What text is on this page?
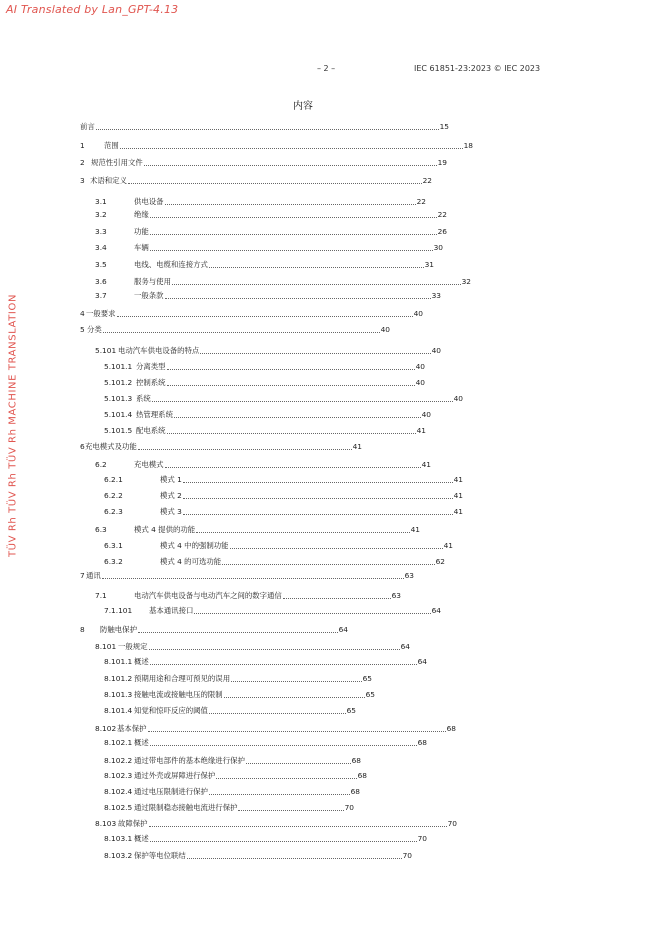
AI Translated by Lan_GPT-4.13
TÜV Rh TÜV Rh TÜV Rh MACHINE TRANSLATION
– 2 –	IEC 61851-23:2023 © IEC 2023
内容
前言	15
1	范围	18
2 规范性引用文件	19
3 术语和定义	22
3.1	供电设备	22
3.2	绝缘	22
3.3	功能	26
3.4	车辆	30
3.5	电线、电缆和连接方式	31
3.6	服务与使用	32
3.7	一般条款	33
4 一般要求	40
5 分类	40
5.101 电动汽车供电设备的特点	40
5.101.1 分离类型	40
5.101.2 控制系统	40
5.101.3 系统	40
5.101.4 热管理系统	40
5.101.5 配电系统	41
6 充电模式及功能	41
6.2	充电模式	41
6.2.1	模式 1	41
6.2.2	模式 2	41
6.2.3	模式 3	41
6.3	模式 4 提供的功能	41
6.3.1	模式 4 中的强制功能	41
6.3.2	模式 4 的可选功能	62
7 通讯	63
7.1	电动汽车供电设备与电动汽车之间的数字通信	63
7.1.101	基本通讯接口	64
8	防触电保护	64
8.101 一般规定	64
8.101.1 概述	64
8.101.2 预期用途和合理可预见的误用	65
8.101.3 接触电流或接触电压的限制	65
8.101.4 知觉和惊吓反应的阈值	65
8.102 基本保护	68
8.102.1 概述	68
8.102.2 通过带电部件的基本绝缘进行保护	68
8.102.3 通过外壳或屏障进行保护	68
8.102.4 通过电压限制进行保护	68
8.102.5 通过限制稳态接触电流进行保护	70
8.103 故障保护	70
8.103.1 概述	70
8.103.2 保护等电位联结	70
